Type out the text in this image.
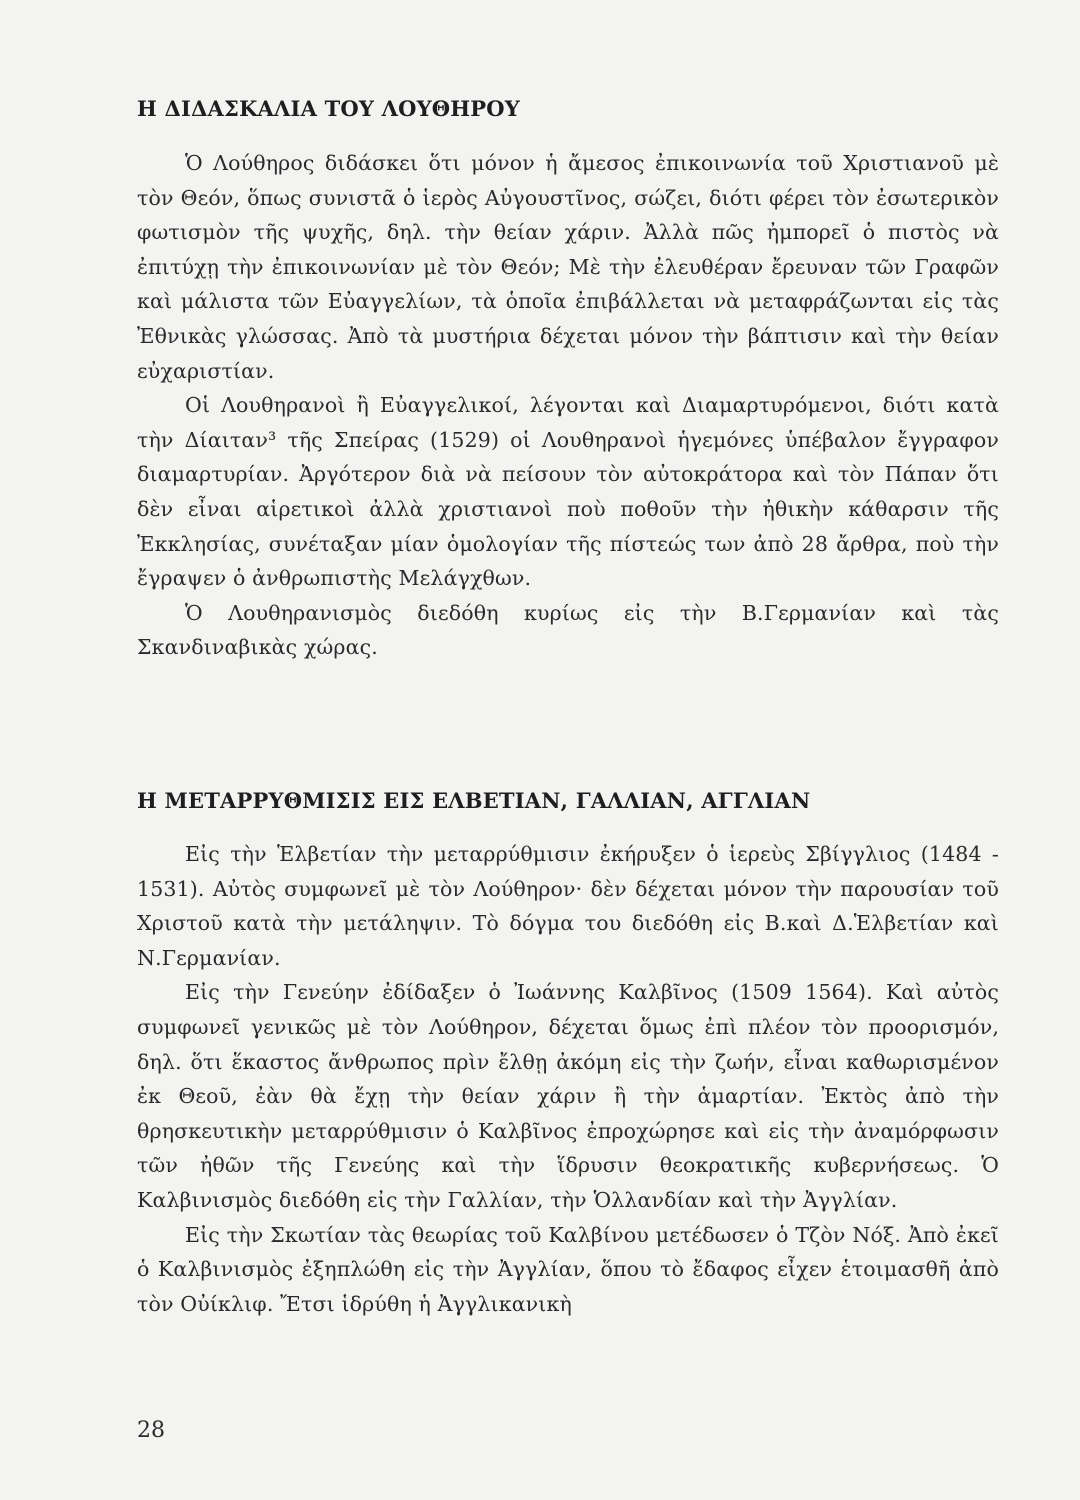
Η ΔΙΔΑΣΚΑΛΙΑ ΤΟΥ ΛΟΥΘΗΡΟΥ

Ὁ Λούθηρος διδάσκει ὅτι μόνον ἡ ἄμεσος ἐπικοινωνία τοῦ Χριστιανοῦ μὲ τὸν Θεόν, ὅπως συνιστᾶ ὁ ἱερὸς Αὐγουστῖνος, σώζει, διότι φέρει τὸν ἐσωτερικὸν φωτισμὸν τῆς ψυχῆς, δηλ. τὴν θείαν χάριν. Ἀλλὰ πῶς ἠμπορεῖ ὁ πιστὸς νὰ ἐπιτύχῃ τὴν ἐπικοινωνίαν μὲ τὸν Θεόν; Μὲ τὴν ἐλευθέραν ἔρευναν τῶν Γραφῶν καὶ μάλιστα τῶν Εὐαγγελίων, τὰ ὁποῖα ἐπιβάλλεται νὰ μεταφράζωνται εἰς τὰς Ἐθνικὰς γλώσσας. Ἀπὸ τὰ μυστήρια δέχεται μόνον τὴν βάπτισιν καὶ τὴν θείαν εὐχαριστίαν.

Οἱ Λουθηρανοὶ ἢ Εὐαγγελικοί, λέγονται καὶ Διαμαρτυρόμενοι, διότι κατὰ τὴν Δίαιταν³ τῆς Σπείρας (1529) οἱ Λουθηρανοὶ ἡγεμόνες ὑπέβαλον ἔγγραφον διαμαρτυρίαν. Ἀργότερον διὰ νὰ πείσουν τὸν αὐτοκράτορα καὶ τὸν Πάπαν ὅτι δὲν εἶναι αἱρετικοὶ ἀλλὰ χριστιανοὶ ποὺ ποθοῦν τὴν ἠθικὴν κάθαρσιν τῆς Ἐκκλησίας, συνέταξαν μίαν ὁμολογίαν τῆς πίστεώς των ἀπὸ 28 ἄρθρα, ποὺ τὴν ἔγραψεν ὁ ἀνθρωπιστὴς Μελάγχθων.

Ὁ Λουθηρανισμὸς διεδόθη κυρίως εἰς τὴν Β.Γερμανίαν καὶ τὰς Σκανδιναβικὰς χώρας.

Η ΜΕΤΑΡΡΥΘΜΙΣΙΣ ΕΙΣ ΕΛΒΕΤΙΑΝ, ΓΑΛΛΙΑΝ, ΑΓΓΛΙΑΝ

Εἰς τὴν Ἑλβετίαν τὴν μεταρρύθμισιν ἐκήρυξεν ὁ ἱερεὺς Σβίγγλιος (1484 - 1531). Αὐτὸς συμφωνεῖ μὲ τὸν Λούθηρον· δὲν δέχεται μόνον τὴν παρουσίαν τοῦ Χριστοῦ κατὰ τὴν μετάληψιν. Τὸ δόγμα του διεδόθη εἰς Β.καὶ Δ.Ἑλβετίαν καὶ Ν.Γερμανίαν.

Εἰς τὴν Γενεύην ἐδίδαξεν ὁ Ἰωάννης Καλβῖνος (1509 1564). Καὶ αὐτὸς συμφωνεῖ γενικῶς μὲ τὸν Λούθηρον, δέχεται ὅμως ἐπὶ πλέον τὸν προορισμόν, δηλ. ὅτι ἕκαστος ἄνθρωπος πρὶν ἔλθῃ ἀκόμη εἰς τὴν ζωήν, εἶναι καθωρισμένον ἐκ Θεοῦ, ἐὰν θὰ ἔχῃ τὴν θείαν χάριν ἢ τὴν ἁμαρτίαν. Ἐκτὸς ἀπὸ τὴν θρησκευτικὴν μεταρρύθμισιν ὁ Καλβῖνος ἐπροχώρησε καὶ εἰς τὴν ἀναμόρφωσιν τῶν ἠθῶν τῆς Γενεύης καὶ τὴν ἵδρυσιν θεοκρατικῆς κυβερνήσεως. Ὁ Καλβινισμὸς διεδόθη εἰς τὴν Γαλλίαν, τὴν Ὁλλανδίαν καὶ τὴν Ἀγγλίαν.

Εἰς τὴν Σκωτίαν τὰς θεωρίας τοῦ Καλβίνου μετέδωσεν ὁ Τζὸν Νόξ. Ἀπὸ ἐκεῖ ὁ Καλβινισμὸς ἐξηπλώθη εἰς τὴν Ἀγγλίαν, ὅπου τὸ ἔδαφος εἶχεν ἑτοιμασθῆ ἀπὸ τὸν Οὐίκλιφ. Ἔτσι ἱδρύθη ἡ Ἀγγλικανικὴ

28
